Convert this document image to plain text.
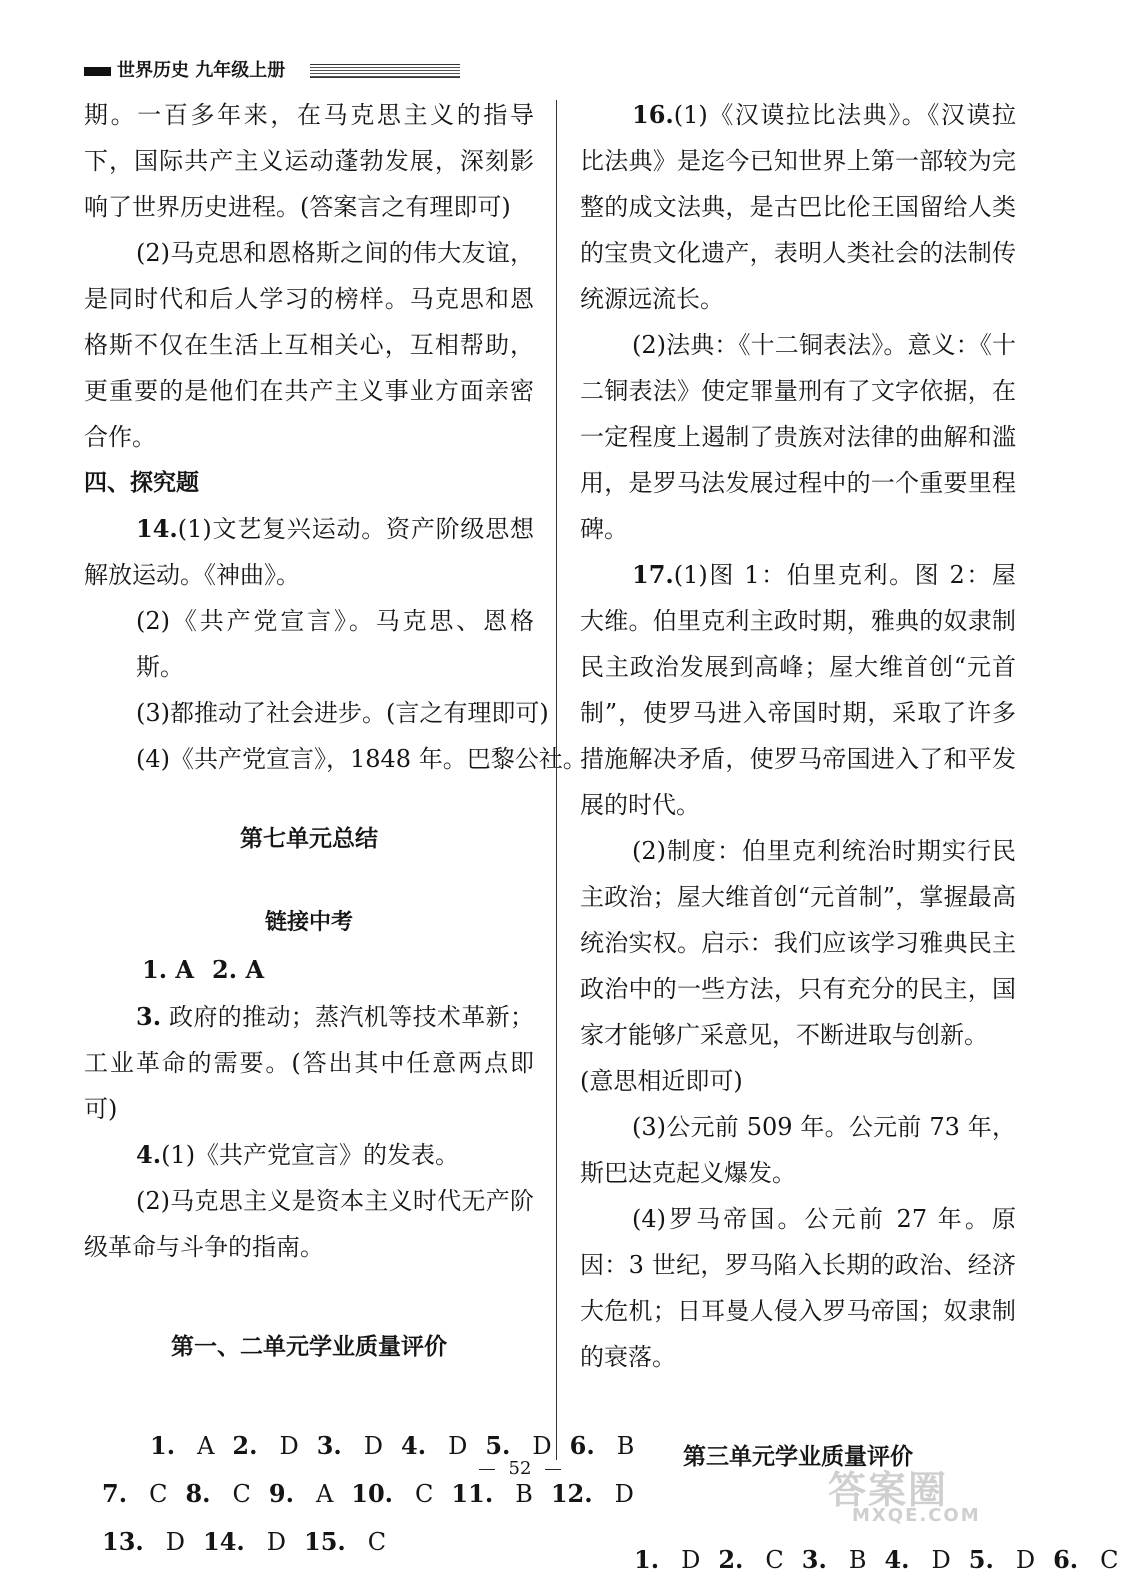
世界历史 九年级上册

期。一百多年来，在马克思主义的指导下，国际共产主义运动蓬勃发展，深刻影响了世界历史进程。(答案言之有理即可)

(2)马克思和恩格斯之间的伟大友谊，是同时代和后人学习的榜样。马克思和恩格斯不仅在生活上互相关心，互相帮助，更重要的是他们在共产主义事业方面亲密合作。

四、探究题

14.(1)文艺复兴运动。资产阶级思想解放运动。《神曲》。

(2)《共产党宣言》。马克思、恩格斯。

(3)都推动了社会进步。(言之有理即可)

(4)《共产党宣言》，1848 年。巴黎公社。

第七单元总结

链接中考

1. A 2. A

3. 政府的推动；蒸汽机等技术革新；工业革命的需要。(答出其中任意两点即可)

4.(1)《共产党宣言》的发表。

(2)马克思主义是资本主义时代无产阶级革命与斗争的指南。

第一、二单元学业质量评价

1. A 2. D 3. D 4. D 5. D 6. B

7. C 8. C 9. A 10. C 11. B 12. D

13. D 14. D 15. C

16.(1)《汉谟拉比法典》。《汉谟拉比法典》是迄今已知世界上第一部较为完整的成文法典，是古巴比伦王国留给人类的宝贵文化遗产，表明人类社会的法制传统源远流长。

(2)法典：《十二铜表法》。意义：《十二铜表法》使定罪量刑有了文字依据，在一定程度上遏制了贵族对法律的曲解和滥用，是罗马法发展过程中的一个重要里程碑。

17.(1)图 1：伯里克利。图 2：屋大维。伯里克利主政时期，雅典的奴隶制民主政治发展到高峰；屋大维首创“元首制”，使罗马进入帝国时期，采取了许多措施解决矛盾，使罗马帝国进入了和平发展的时代。

(2)制度：伯里克利统治时期实行民主政治；屋大维首创“元首制”，掌握最高统治实权。启示：我们应该学习雅典民主政治中的一些方法，只有充分的民主，国家才能够广采意见，不断进取与创新。

(意思相近即可)

(3)公元前 509 年。公元前 73 年，斯巴达克起义爆发。

(4)罗马帝国。公元前 27 年。原因：3 世纪，罗马陷入长期的政治、经济大危机；日耳曼人侵入罗马帝国；奴隶制的衰落。

第三单元学业质量评价

1. D 2. C 3. B 4. D 5. D 6. C

52	答案圈
MXQE.COM
